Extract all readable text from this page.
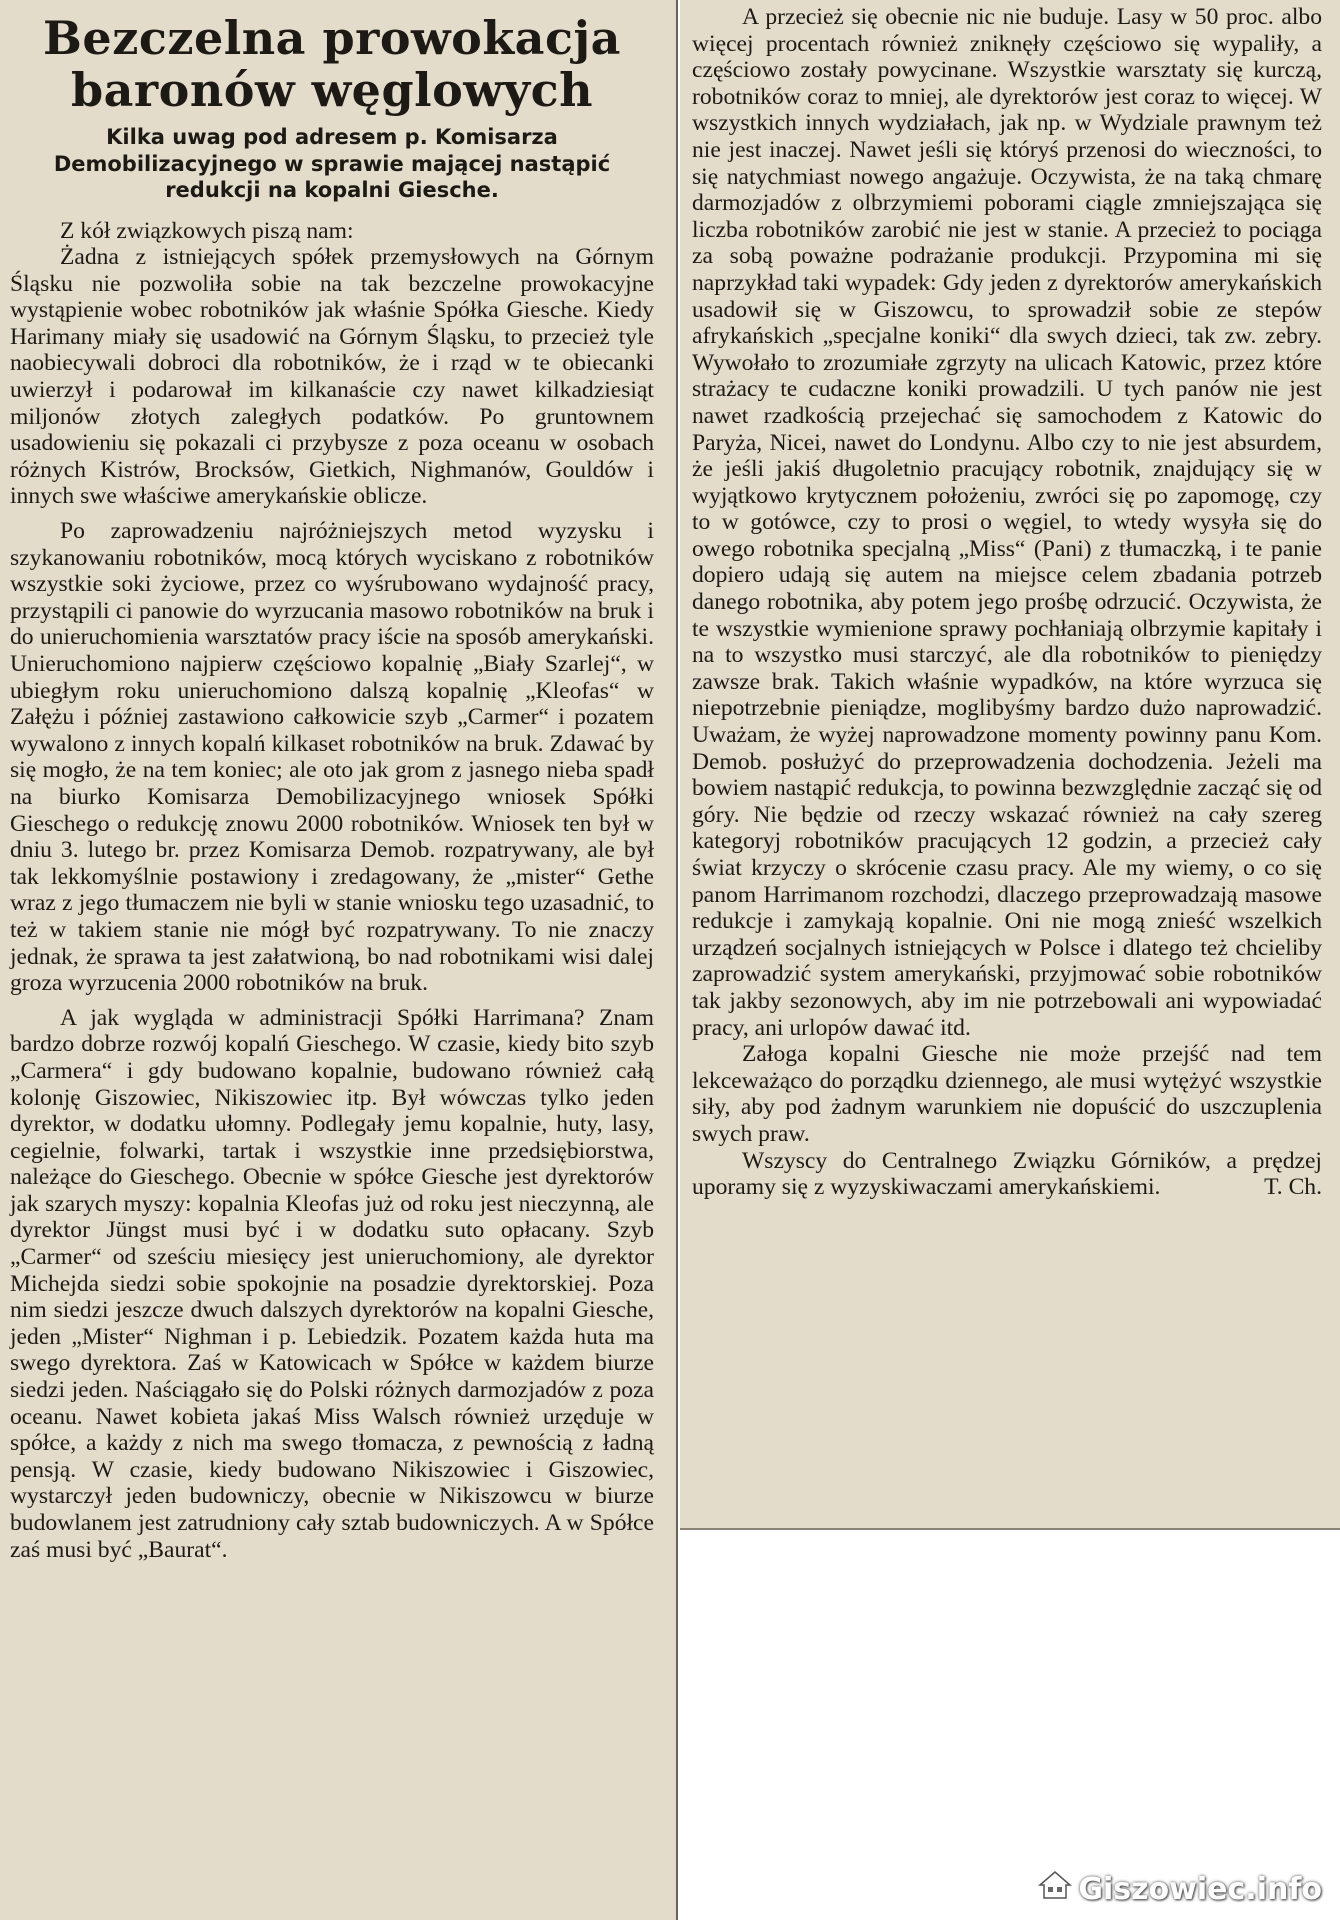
Bezczelna prowokacja baronów węglowych
Kilka uwag pod adresem p. Komisarza Demobilizacyjnego w sprawie mającej nastąpić redukcji na kopalni Giesche.

Z kół związkowych piszą nam:

Żadna z istniejących spółek przemysłowych na Górnym Śląsku nie pozwoliła sobie na tak bezczelne prowokacyjne wystąpienie wobec robotników jak właśnie Spółka Giesche. Kiedy Harimany miały się usadowić na Górnym Śląsku, to przecież tyle naobiecywali dobroci dla robotników, że i rząd w te obiecanki uwierzył i podarował im kilkanaście czy nawet kilkadziesiąt miljonów złotych zaległych podatków. Po gruntownem usadowieniu się pokazali ci przybysze z poza oceanu w osobach różnych Kistrów, Brocksów, Gietkich, Nighmanów, Gouldów i innych swe właściwe amerykańskie oblicze.

Po zaprowadzeniu najróżniejszych metod wyzysku i szykanowaniu robotników, mocą których wyciskano z robotników wszystkie soki życiowe, przez co wyśrubowano wydajność pracy, przystąpili ci panowie do wyrzucania masowo robotników na bruk i do unieruchomienia warsztatów pracy iście na sposób amerykański. Unieruchomiono najpierw częściowo kopalnię „Biały Szarlej“, w ubiegłym roku unieruchomiono dalszą kopalnię „Kleofas“ w Załężu i później zastawiono całkowicie szyb „Carmer“ i pozatem wywalono z innych kopalń kilkaset robotników na bruk. Zdawać by się mogło, że na tem koniec; ale oto jak grom z jasnego nieba spadł na biurko Komisarza Demobilizacyjnego wniosek Spółki Gieschego o redukcję znowu 2000 robotników. Wniosek ten był w dniu 3. lutego br. przez Komisarza Demob. rozpatrywany, ale był tak lekkomyślnie postawiony i zredagowany, że „mister“ Gethe wraz z jego tłumaczem nie byli w stanie wniosku tego uzasadnić, to też w takiem stanie nie mógł być rozpatrywany. To nie znaczy jednak, że sprawa ta jest załatwioną, bo nad robotnikami wisi dalej groza wyrzucenia 2000 robotników na bruk.

A jak wygląda w administracji Spółki Harrimana? Znam bardzo dobrze rozwój kopalń Gieschego. W czasie, kiedy bito szyb „Carmera“ i gdy budowano kopalnie, budowano również całą kolonję Giszowiec, Nikiszowiec itp. Był wówczas tylko jeden dyrektor, w dodatku ułomny. Podlegały jemu kopalnie, huty, lasy, cegielnie, folwarki, tartak i wszystkie inne przedsiębiorstwa, należące do Gieschego. Obecnie w spółce Giesche jest dyrektorów jak szarych myszy: kopalnia Kleofas już od roku jest nieczynną, ale dyrektor Jüngst musi być i w dodatku suto opłacany. Szyb „Carmer“ od sześciu miesięcy jest unieruchomiony, ale dyrektor Michejda siedzi sobie spokojnie na posadzie dyrektorskiej. Poza nim siedzi jeszcze dwuch dalszych dyrektorów na kopalni Giesche, jeden „Mister“ Nighman i p. Lebiedzik. Pozatem każda huta ma swego dyrektora. Zaś w Katowicach w Spółce w każdem biurze siedzi jeden. Naściągało się do Polski różnych darmozjadów z poza oceanu. Nawet kobieta jakaś Miss Walsch również urzęduje w spółce, a każdy z nich ma swego tłomacza, z pewnością z ładną pensją. W czasie, kiedy budowano Nikiszowiec i Giszowiec, wystarczył jeden budowniczy, obecnie w Nikiszowcu w biurze budowlanem jest zatrudniony cały sztab budowniczych. A w Spółce zaś musi być „Baurat“.

A przecież się obecnie nic nie buduje. Lasy w 50 proc. albo więcej procentach również zniknęły częściowo się wypaliły, a częściowo zostały powycinane. Wszystkie warsztaty się kurczą, robotników coraz to mniej, ale dyrektorów jest coraz to więcej. W wszystkich innych wydziałach, jak np. w Wydziale prawnym też nie jest inaczej. Nawet jeśli się któryś przenosi do wieczności, to się natychmiast nowego angażuje. Oczywista, że na taką chmarę darmozjadów z olbrzymiemi poborami ciągle zmniejszająca się liczba robotników zarobić nie jest w stanie. A przecież to pociąga za sobą poważne podrażanie produkcji. Przypomina mi się naprzykład taki wypadek: Gdy jeden z dyrektorów amerykańskich usadowił się w Giszowcu, to sprowadził sobie ze stepów afrykańskich „specjalne koniki“ dla swych dzieci, tak zw. zebry. Wywołało to zrozumiałe zgrzyty na ulicach Katowic, przez które strażacy te cudaczne koniki prowadzili. U tych panów nie jest nawet rzadkością przejechać się samochodem z Katowic do Paryża, Nicei, nawet do Londynu. Albo czy to nie jest absurdem, że jeśli jakiś długoletnio pracujący robotnik, znajdujący się w wyjątkowo krytycznem położeniu, zwróci się po zapomogę, czy to w gotówce, czy to prosi o węgiel, to wtedy wysyła się do owego robotnika specjalną „Miss“ (Pani) z tłumaczką, i te panie dopiero udają się autem na miejsce celem zbadania potrzeb danego robotnika, aby potem jego prośbę odrzucić. Oczywista, że te wszystkie wymienione sprawy pochłaniają olbrzymie kapitały i na to wszystko musi starczyć, ale dla robotników to pieniędzy zawsze brak. Takich właśnie wypadków, na które wyrzuca się niepotrzebnie pieniądze, moglibyśmy bardzo dużo naprowadzić. Uważam, że wyżej naprowadzone momenty powinny panu Kom. Demob. posłużyć do przeprowadzenia dochodzenia. Jeżeli ma bowiem nastąpić redukcja, to powinna bezwzględnie zacząć się od góry. Nie będzie od rzeczy wskazać również na cały szereg kategoryj robotników pracujących 12 godzin, a przecież cały świat krzyczy o skrócenie czasu pracy. Ale my wiemy, o co się panom Harrimanom rozchodzi, dlaczego przeprowadzają masowe redukcje i zamykają kopalnie. Oni nie mogą znieść wszelkich urządzeń socjalnych istniejących w Polsce i dlatego też chcieliby zaprowadzić system amerykański, przyjmować sobie robotników tak jakby sezonowych, aby im nie potrzebowali ani wypowiadać pracy, ani urlopów dawać itd.

Załoga kopalni Giesche nie może przejść nad tem lekceważąco do porządku dziennego, ale musi wytężyć wszystkie siły, aby pod żadnym warunkiem nie dopuścić do uszczuplenia swych praw.

Wszyscy do Centralnego Związku Górników, a prędzej uporamy się z wyzyskiwaczami amerykańskiemi.	T. Ch.

Giszowiec.info
